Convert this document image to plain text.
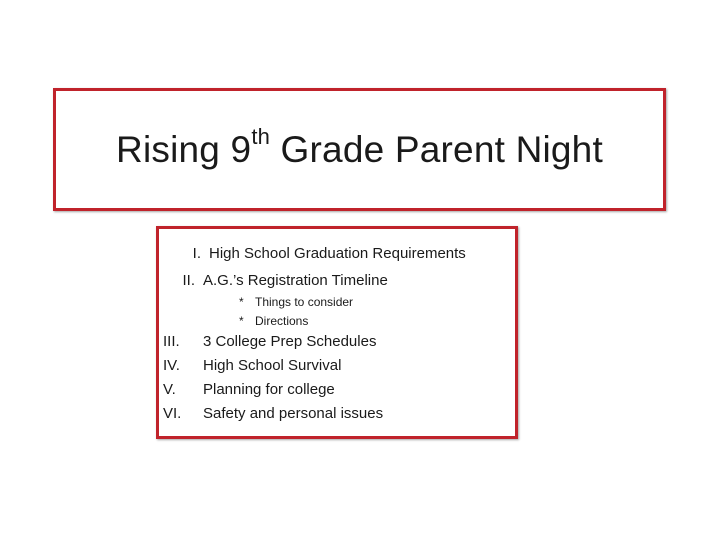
Rising 9th Grade Parent Night
I. High School Graduation Requirements
II. A.G.’s Registration Timeline
* Things to consider
* Directions
III.	3 College Prep Schedules
IV.	High School Survival
V.	Planning for college
VI.	Safety and personal issues
